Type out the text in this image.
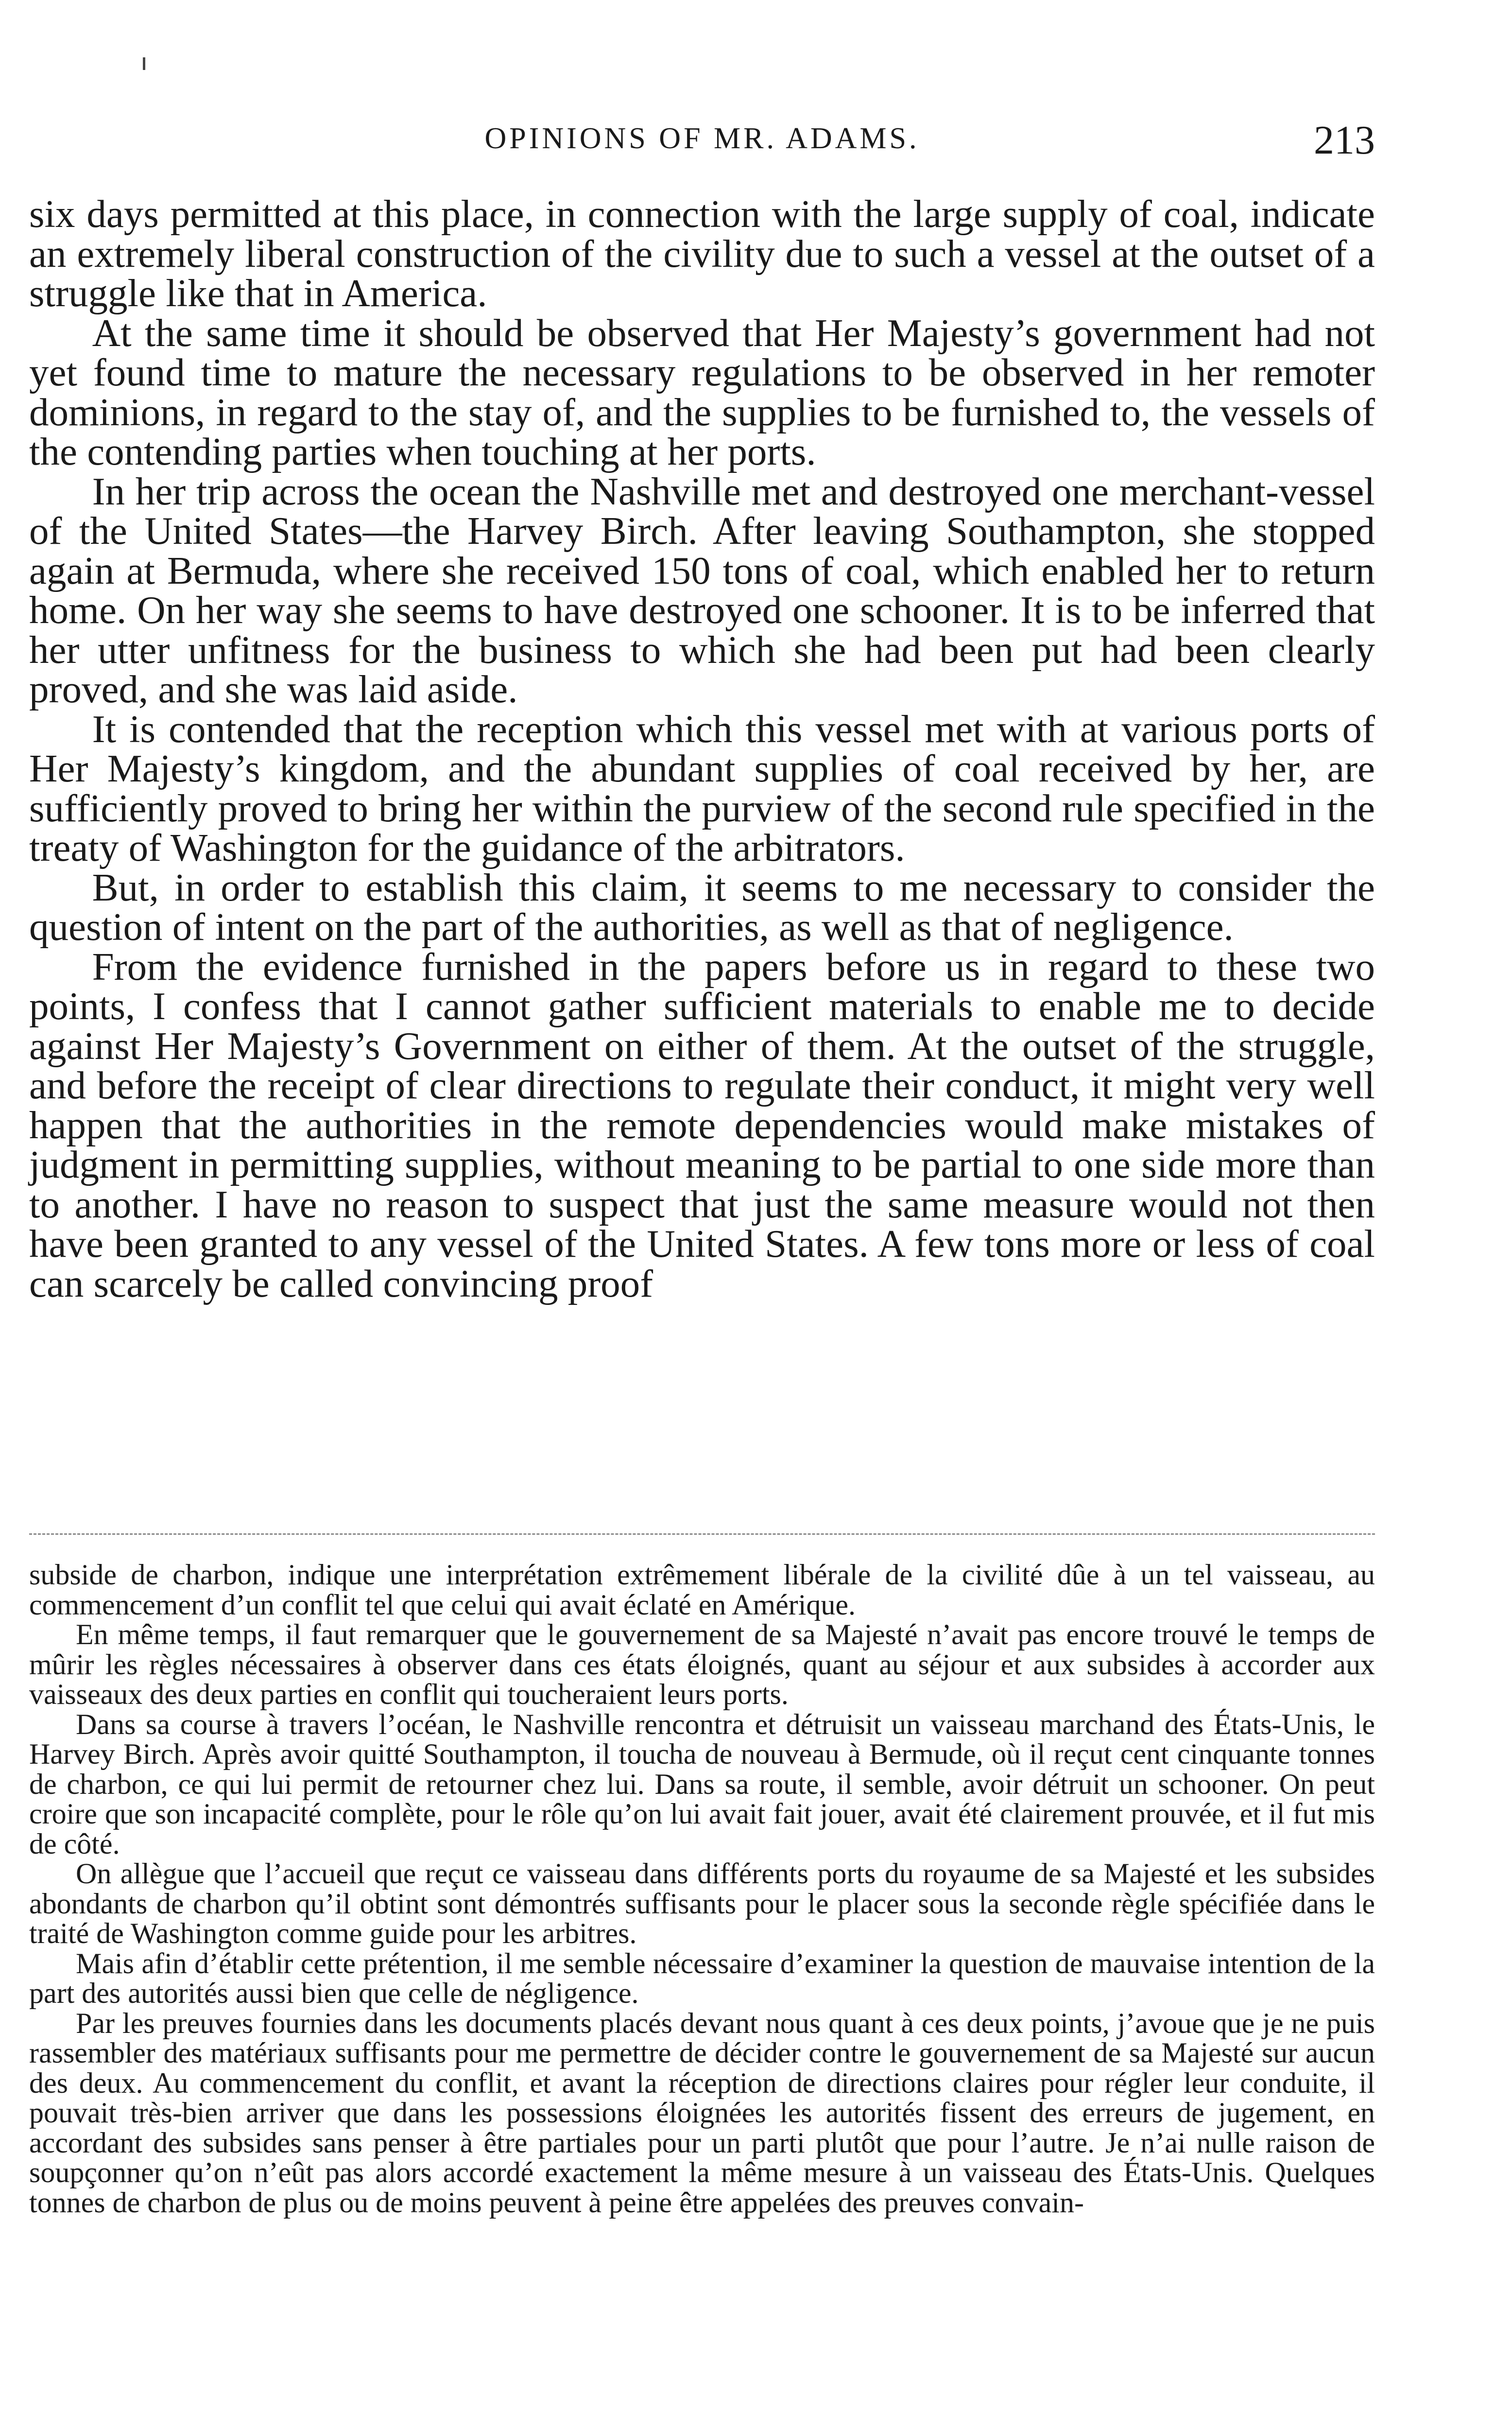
OPINIONS OF MR. ADAMS.	213

six days permitted at this place, in connection with the large supply of coal, indicate an extremely liberal construction of the civility due to such a vessel at the outset of a struggle like that in America.

At the same time it should be observed that Her Majesty’s government had not yet found time to mature the necessary regulations to be observed in her remoter dominions, in regard to the stay of, and the supplies to be furnished to, the vessels of the contending parties when touching at her ports.

In her trip across the ocean the Nashville met and destroyed one merchant-vessel of the United States—the Harvey Birch. After leaving Southampton, she stopped again at Bermuda, where she received 150 tons of coal, which enabled her to return home. On her way she seems to have destroyed one schooner. It is to be inferred that her utter unfitness for the business to which she had been put had been clearly proved, and she was laid aside.

It is contended that the reception which this vessel met with at various ports of Her Majesty’s kingdom, and the abundant supplies of coal received by her, are sufficiently proved to bring her within the purview of the second rule specified in the treaty of Washington for the guidance of the arbitrators.

But, in order to establish this claim, it seems to me necessary to consider the question of intent on the part of the authorities, as well as that of negligence.

From the evidence furnished in the papers before us in regard to these two points, I confess that I cannot gather sufficient materials to enable me to decide against Her Majesty’s Government on either of them. At the outset of the struggle, and before the receipt of clear directions to regulate their conduct, it might very well happen that the authorities in the remote dependencies would make mistakes of judgment in permitting supplies, without meaning to be partial to one side more than to another. I have no reason to suspect that just the same measure would not then have been granted to any vessel of the United States. A few tons more or less of coal can scarcely be called convincing proof

subside de charbon, indique une interprétation extrêmement libérale de la civilité dûe à un tel vaisseau, au commencement d’un conflit tel que celui qui avait éclaté en Amérique.

En même temps, il faut remarquer que le gouvernement de sa Majesté n’avait pas encore trouvé le temps de mûrir les règles nécessaires à observer dans ces états éloignés, quant au séjour et aux subsides à accorder aux vaisseaux des deux parties en conflit qui toucheraient leurs ports.

Dans sa course à travers l’océan, le Nashville rencontra et détruisit un vaisseau marchand des États-Unis, le Harvey Birch. Après avoir quitté Southampton, il toucha de nouveau à Bermude, où il reçut cent cinquante tonnes de charbon, ce qui lui permit de retourner chez lui. Dans sa route, il semble, avoir détruit un schooner. On peut croire que son incapacité complète, pour le rôle qu’on lui avait fait jouer, avait été clairement prouvée, et il fut mis de côté.

On allègue que l’accueil que reçut ce vaisseau dans différents ports du royaume de sa Majesté et les subsides abondants de charbon qu’il obtint sont démontrés suffisants pour le placer sous la seconde règle spécifiée dans le traité de Washington comme guide pour les arbitres.

Mais afin d’établir cette prétention, il me semble nécessaire d’examiner la question de mauvaise intention de la part des autorités aussi bien que celle de négligence.

Par les preuves fournies dans les documents placés devant nous quant à ces deux points, j’avoue que je ne puis rassembler des matériaux suffisants pour me permettre de décider contre le gouvernement de sa Majesté sur aucun des deux. Au commencement du conflit, et avant la réception de directions claires pour régler leur conduite, il pouvait très-bien arriver que dans les possessions éloignées les autorités fissent des erreurs de jugement, en accordant des subsides sans penser à être partiales pour un parti plutôt que pour l’autre. Je n’ai nulle raison de soupçonner qu’on n’eût pas alors accordé exactement la même mesure à un vaisseau des États-Unis. Quelques tonnes de charbon de plus ou de moins peuvent à peine être appelées des preuves convain-
